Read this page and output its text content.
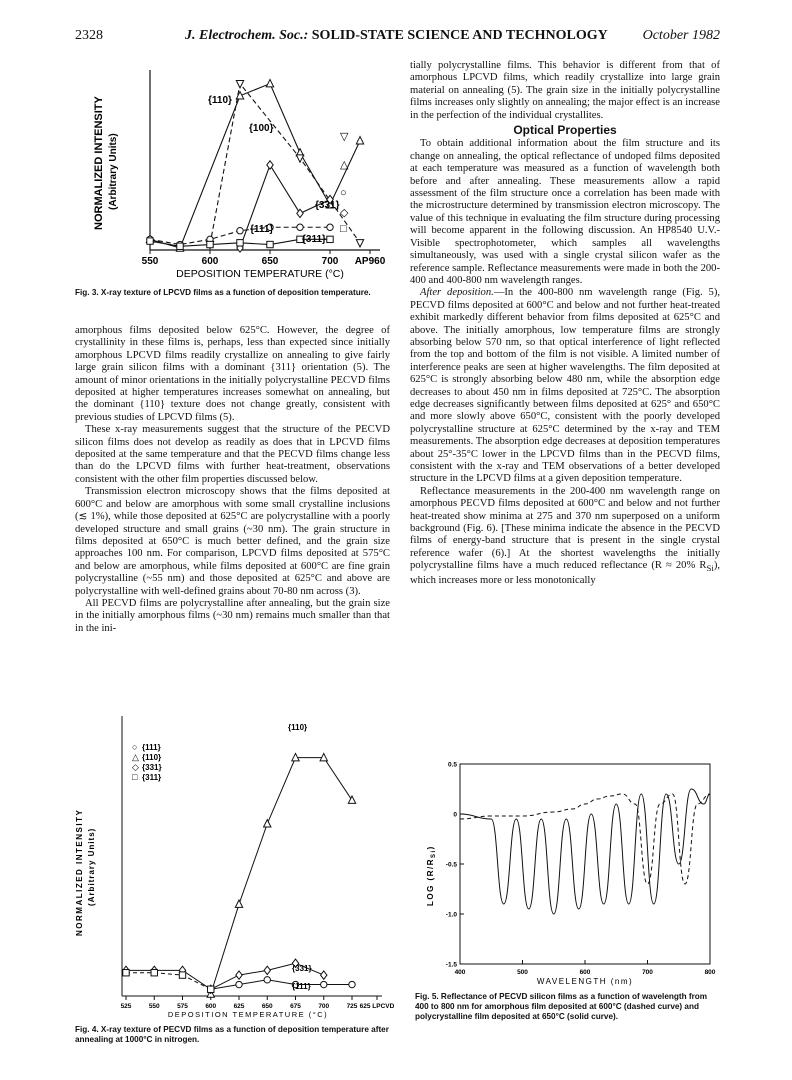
2328	J. Electrochem. Soc.: SOLID-STATE SCIENCE AND TECHNOLOGY October 1982
NORMALIZED INTENSITY (Arbitrary Units)
550	600	650	700 AP960
{110}
{100}
{331}
{111}
{311}
▽
△
○
◇
□
DEPOSITION TEMPERATURE (°C)
Fig. 3. X-ray texture of LPCVD films as a function of deposition temperature.

amorphous films deposited below 625°C. However, the degree of crystallinity in these films is, perhaps, less than expected since initially amorphous LPCVD films readily crystallize on annealing to give fairly large grain silicon films with a dominant {311} orientation (5). The amount of minor orientations in the initially polycrystalline PECVD films deposited at higher temperatures increases somewhat on annealing, but the dominant {110} texture does not change greatly, consistent with previous studies of LPCVD films (5).

These x-ray measurements suggest that the structure of the PECVD silicon films does not develop as readily as does that in LPCVD films deposited at the same temperature and that the PECVD films change less than do the LPCVD films with further heat-treatment, observations consistent with the other film properties discussed below.

Transmission electron microscopy shows that the films deposited at 600°C and below are amorphous with some small crystalline inclusions (≲ 1%), while those deposited at 625°C are polycrystalline with a poorly developed structure and small grains (~30 nm). The grain structure in films deposited at 650°C is much better defined, and the grain size approaches 100 nm. For comparison, LPCVD films deposited at 575°C and below are amorphous, while films deposited at 600°C are fine grain polycrystalline (~55 nm) and those deposited at 625°C and above are polycrystalline with well-defined grains about 70-80 nm across (3).

All PECVD films are polycrystalline after annealing, but the grain size in the initially amorphous films (~30 nm) remains much smaller than that in the ini-

NORMALIZED INTENSITY (Arbitrary Units)
525	550	575	600	625	650	675	700	725 625 LPCVD
○ {111}
△ {110}
◇ {331}
□ {311}
{110}
{331}
{111}
DEPOSITION TEMPERATURE (°C)
Fig. 4. X-ray texture of PECVD films as a function of deposition temperature after annealing at 1000°C in nitrogen.

tially polycrystalline films. This behavior is different from that of amorphous LPCVD films, which readily crystallize into large grain material on annealing (5). The grain size in the initially polycrystalline films increases only slightly on annealing; the major effect is an increase in the perfection of the individual crystallites.

Optical Properties

To obtain additional information about the film structure and its change on annealing, the optical reflectance of undoped films deposited at each temperature was measured as a function of wavelength both before and after annealing. These measurements allow a rapid assessment of the film structure once a correlation has been made with the microstructure determined by transmission electron microscopy. The value of this technique in evaluating the film structure during processing will become apparent in the following discussion. An HP8540 U.V.-Visible spectrophotometer, which samples all wavelengths simultaneously, was used with a single crystal silicon wafer as the reference sample. Reflectance measurements were made in both the 200-400 and 400-800 nm wavelength ranges.

After deposition.—In the 400-800 nm wavelength range (Fig. 5), PECVD films deposited at 600°C and below and not further heat-treated exhibit markedly different behavior from films deposited at 625°C and above. The initially amorphous, low temperature films are strongly absorbing below 570 nm, so that optical interference of light reflected from the top and bottom of the film is not visible. A limited number of interference peaks are seen at higher wavelengths. The film deposited at 625°C is strongly absorbing below 480 nm, while the absorption edge decreases to about 450 nm in films deposited at 725°C. The absorption edge decreases significantly between films deposited at 625° and 650°C and more slowly above 650°C, consistent with the poorly developed polycrystalline structure at 625°C determined by the x-ray and TEM measurements. The absorption edge decreases at deposition temperatures about 25°-35°C lower in the LPCVD films than in the PECVD films, consistent with the x-ray and TEM observations of a better developed structure in the LPCVD films at a given deposition temperature.

Reflectance measurements in the 200-400 nm wavelength range on amorphous PECVD films deposited at 600°C and below and not further heat-treated show minima at 275 and 370 nm superposed on a uniform background (Fig. 6). [These minima indicate the absence in the PECVD films of energy-band structure that is present in the single crystal reference wafer (6).] At the shortest wavelengths the initially polycrystalline films have a much reduced reflectance (R ≈ 20% $R_{Si}$), which increases more or less monotonically

LOG $(R/R_{Si})$
400	500	600	700	800
0.5
0
-0.5
-1.0
-1.5
WAVELENGTH (nm)
Fig. 5. Reflectance of PECVD silicon films as a function of wavelength from 400 to 800 nm for amorphous film deposited at 600°C (dashed curve) and polycrystalline film deposited at 650°C (solid curve).
